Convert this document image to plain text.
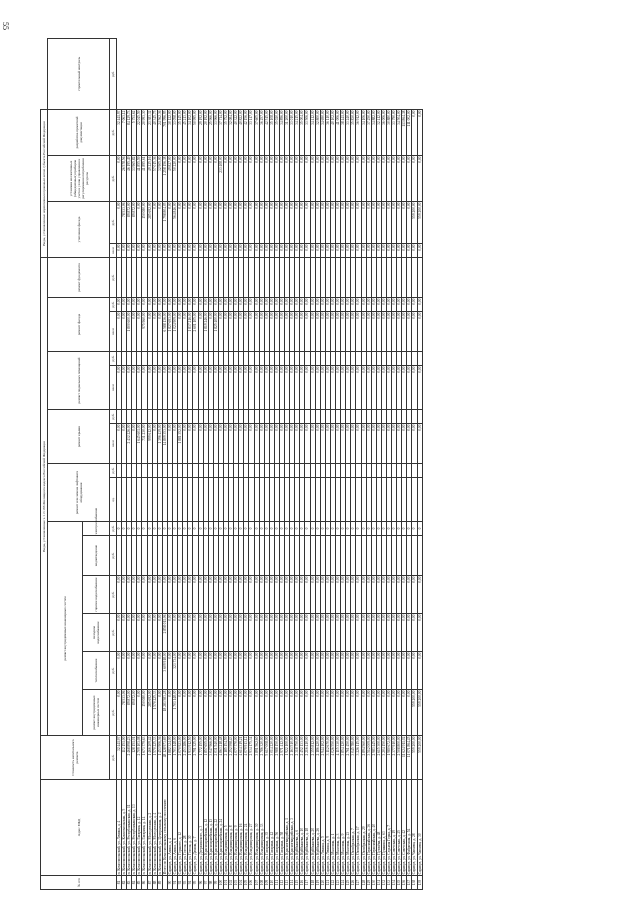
55
№ п/п	Адрес МКД	Стоимость капитального ремонта	Виды, установленные ч.1 ст.166 Жилищного кодекса Российской Федерации															Виды, установленные нормативным правовым актом субъекта Российской Федерации				
			ремонт внутридомовых инженерных систем						ремонт или замена лифтового оборудования		ремонт крыши		ремонт подвальных помещений		ремонт фасада		ремонт фундамента	утепление фасада		установка коллективных (общедомовых) приборов учета и узлов управления и регулирования потребления ресурсов	разработка проектной документации	строительный контроль
			ремонт внутридомовых инженерных систем	теплоснабжение	холодное водоснабжение	горячее водоснабжение	водоотведение	электроснабжение														
		руб.	руб.	руб.	руб.	руб.	руб.	руб.	ед.	руб.	кв.м	руб.	кв.м	руб.	кв.м	руб.	руб.	кв.м	руб.	руб.	руб.	руб.
81	п. Комсомольский, ул. Ленина, д. 4	32 441,97	0,00	0,00	0,00	0,00		0			0,00		0,00		0,00	0,00		0,00	0,00	0,00	32 441,97	
82	п. Комсомольский, ул. Комсомольская, д. 5	112 151,00	78 533,06	0,00	0,00	0,00		0			0,00		0,00		0,00	0,00		0,00	78 533,06	26 578,56	7 063,12	
83	п. Комсомольский, ул. Республиканская, д. 11	2 468 898,23	89 872,00	0,00	0,00	0,00		0			2 432 226,00		0,00		1 800 600,00	0,00		0,00	89 872,00	46 195,49	84 129,73	
84	п. Комсомольский, ул. Республиканская, д. 13	128 151,01	89 872,00	0,00	0,00	0,00		0			0,00		0,00		0,00	0,00		0,00	89 872,00	33 965,82	5 751,62	
85	п. Комсомольский, ул. Гагарина, д. 12	2 709 103,08	0,00	0,00	0,00	0,00		0			1 645 601,00		0,00		0,00	0,00		0,00	0,00	41 855,59	22 045,59	
86	п. Комсомольский, ул. Гагарина, д. 14	1 673 779,63	150 080,00	0,00	0,00	0,00		0			731 230,00		0,00		975 960,00	0,00		0,00	150 080,00	41 895,61	20 993,30	
87	п. Комсомольский, ул. Молодежная, д. 2	1 466 209,42	285 692,00	0,00	0,00	0,00		0			999 612,00		0,00		0,00	0,00		0,00	285 692,00	49 225,16	23 383,32	
88	п. Комсомольский, ул. Молодежная, д. 4	1 570 225,33	1 570 225,33	0,00	0,00	0,00		0			0,00		0,00		0,00	0,00		0,00	0,00	57 015,36	40 345,75	
89	п. Комсомольский, ул. Центральная, д. 2	1 453 906,36	0,00	0,00	0,00	0,00		0			1 396 439,00		0,00		0,00	0,00		0,00	0,00	32 905,00	24 562,36	
	Итого по Комсомольскому сельскому поселению	48 128 973,69	18 283 583,28	3 609 918,00	2 858 011,06	0,00		0			14 809 353,00		0,00		6 588 136,00	0,00		0,00	1 798 804,05	1 258 156,38	701 996,95	
90	Сарапул, ул. Азина, д. 4	1 882 324,00	0,00	0,00	0,00	0,00		0			0,00		0,00		1 827 693,00	0,00		0,00	0,00	49 827,00	30 122,00	
91	Сарапул, ул. Азина, д. 6	1 703 148,00	1 703 148,00	323 734,00	0,00	0,00		0			0,00		0,00		1 024 909,00	0,00		0,00	564 846,00	50 220,00	33 058,00	
92	Сарапул, ул. Горького, д. 12	2 070 923,00	0,00	0,00	0,00	0,00		0			1 881 352,00		0,00		0,00	0,00		0,00	0,00	0,00	35 145,00	
93	Сарапул, ул. Гоголя, д. 28	2 453 286,00	0,00	0,00	0,00	0,00		0			0,00		0,00		0,00	0,00		0,00	0,00	0,00	45 213,00	
94	Сарапул, ул. Гоголя, д. 30	1 933 912,50	0,00	0,00	0,00	0,00		0			0,00		0,00		1 837 216,00	0,00		0,00	0,00	0,00	34 102,00	
95	Сарапул, ул. Дачная, д. 7	2 791 325,00	0,00	0,00	0,00	0,00		0			0,00		0,00		2 601 105,00	0,00		0,00	0,00	0,00	50 995,00	
96	Сарапул, ул. Дзержинского, д. 3	1 772 155,00	0,00	0,00	0,00	0,00		0			0,00		0,00		0,00	0,00		0,00	0,00	0,00	29 192,00	
97	Сарапул, ул. Красноармейская, д. 12	1 857 655,00	0,00	0,00	0,00	0,00		0			0,00		0,00		1 819 246,00	0,00		0,00	0,00	0,00	20 192,00	
98	Сарапул, ул. Красноармейская, д. 13	3 047 966,00	0,00	0,00	0,00	0,00		0			0,00		0,00		0,00	0,00		0,00	0,00	0,00	25 966,00	
99	Сарапул, ул. Красноармейская, д. 22	2 031 540,00	0,00	0,00	0,00	0,00		0			0,00		0,00		1 825 400,00	0,00		0,00	0,00	0,00	33 966,00	
100	Сарапул, ул. Красноармейская, д. 24	4 863 218,48	0,00	0,00	0,00	0,00		0			0,00		0,00		0,00	0,00		0,00	0,00	233 408,00	37 714,00	
101	Сарапул, ул. Владимирская, д. 5	2 185 154,59	0,00	0,00	0,00	0,00		0			0,00		0,00		0,00	0,00		0,00	0,00	0,00	35 752,00	
102	Сарапул, ул. Владимирская, д. 8	2 252 598,43	0,00	0,00	0,00	0,00		0			0,00		0,00		0,00	0,00		0,00	0,00	0,00	32 084,00	
103	Сарапул, ул. Владимирская, д. 9	4 077 770,00	0,00	0,00	0,00	0,00		0			0,00		0,00		0,00	0,00		0,00	0,00	0,00	40 322,00	
104	Сарапул, ул. Владимирская, д. 16	4 614 319,21	0,00	0,00	0,00	0,00		0			0,00		0,00		0,00	0,00		0,00	0,00	0,00	40 822,00	
105	Сарапул, ул. Владимирская, д. 24	4 079 913,12	0,00	0,00	0,00	0,00		0			0,00		0,00		0,00	0,00		0,00	0,00	0,00	42 156,00	
106	Сарапул, ул. Владимирская, д. 27	2 934 175,34	0,00	0,00	0,00	0,00		0			0,00		0,00		0,00	0,00		0,00	0,00	0,00	33 117,00	
107	Сарапул, ул. Владимирская, д. 30	3 891 562,60	0,00	0,00	0,00	0,00		0			0,00		0,00		0,00	0,00		0,00	0,00	0,00	37 605,00	
108	Сарапул, ул. Владимирская, д. 33	2 786 320,00	0,00	0,00	0,00	0,00		0			0,00		0,00		0,00	0,00		0,00	0,00	0,00	36 257,00	
109	Сарапул, ул. Гагарина, д. 35	5 617 008,00	0,00	0,00	0,00	0,00		0			0,00		0,00		0,00	0,00		0,00	0,00	0,00	42 515,00	
110	Сарапул, ул. Гагарина, д. 42	3 014 220,00	0,00	0,00	0,00	0,00		0			0,00		0,00		0,00	0,00		0,00	0,00	0,00	35 108,00	
111	Сарапул, ул. Гагарина, д. 56	2 988 150,00	0,00	0,00	0,00	0,00		0			0,00		0,00		0,00	0,00		0,00	0,00	0,00	35 020,00	
112	Сарапул, ул. Гагарина, д. 58	2 971 412,00	0,00	0,00	0,00	0,00		0			0,00		0,00		0,00	0,00		0,00	0,00	0,00	34 896,00	
113	Сарапул, ул. Красногвардейская, д. 1	1 922 100,00	0,00	0,00	0,00	0,00		0			0,00		0,00		0,00	0,00		0,00	0,00	0,00	31 200,00	
114	Сарапул, ул. Красногвардейская, д. 3	2 163 510,00	0,00	0,00	0,00	0,00		0			0,00		0,00		0,00	0,00		0,00	0,00	0,00	33 010,00	
115	Сарапул, ул. Куйбышева, д. 6	2 318 750,00	0,00	0,00	0,00	0,00		0			0,00		0,00		0,00	0,00		0,00	0,00	0,00	34 215,00	
116	Сарапул, ул. Куйбышева, д. 10	2 452 133,00	0,00	0,00	0,00	0,00		0			0,00		0,00		0,00	0,00		0,00	0,00	0,00	35 004,00	
117	Сарапул, ул. Куйбышева, д. 18	2 216 410,00	0,00	0,00	0,00	0,00		0			0,00		0,00		0,00	0,00		0,00	0,00	0,00	33 506,00	
118	Сарапул, ул. Куйбышева, д. 20	2 355 812,00	0,00	0,00	0,00	0,00		0			0,00		0,00		0,00	0,00		0,00	0,00	0,00	34 412,00	
119	Сарапул, ул. Куйбышева, д. 26	2 186 420,00	0,00	0,00	0,00	0,00		0			0,00		0,00		0,00	0,00		0,00	0,00	0,00	32 800,00	
120	Сарапул, ул. Ленина, д. 5	2 944 102,00	0,00	0,00	0,00	0,00		0			0,00		0,00		0,00	0,00		0,00	0,00	0,00	34 690,00	
121	Сарапул, ул. Ленина, д. 9	3 112 670,00	0,00	0,00	0,00	0,00		0			0,00		0,00		0,00	0,00		0,00	0,00	0,00	36 110,00	
122	Сарапул, ул. Мысовая, д. 1	4 026 550,00	0,00	0,00	0,00	0,00		0			0,00		0,00		0,00	0,00		0,00	0,00	0,00	40 102,00	
123	Сарапул, ул. Мысовая, д. 3	4 115 330,00	0,00	0,00	0,00	0,00		0			0,00		0,00		0,00	0,00		0,00	0,00	0,00	41 006,00	
124	Сарапул, ул. Мысовая, д. 9	3 854 120,00	0,00	0,00	0,00	0,00		0			0,00		0,00		0,00	0,00		0,00	0,00	0,00	38 441,00	
125	Сарапул, ул. Мысовая, д. 23	2 761 450,00	0,00	0,00	0,00	0,00		0			0,00		0,00		0,00	0,00		0,00	0,00	0,00	33 240,00	
126	Сарапул, ул. Октябрьская, д. 7	3 045 780,00	0,00	0,00	0,00	0,00		0			0,00		0,00		0,00	0,00		0,00	0,00	0,00	35 830,00	
127	Сарапул, ул. Октябрьская, д. 17	3 226 115,00	0,00	0,00	0,00	0,00		0			0,00		0,00		0,00	0,00		0,00	0,00	0,00	36 912,00	
128	Сарапул, ул. Октябрьская, д. 29	2 894 560,00	0,00	0,00	0,00	0,00		0			0,00		0,00		0,00	0,00		0,00	0,00	0,00	34 106,00	
129	Сарапул, ул. Первомайская, д. 36	3 512 009,00	0,00	0,00	0,00	0,00		0			0,00		0,00		0,00	0,00		0,00	0,00	0,00	37 250,00	
130	Сарапул, ул. Первомайская, д. 40	2 983 445,00	0,00	0,00	0,00	0,00		0			0,00		0,00		0,00	0,00		0,00	0,00	0,00	34 882,00	
131	Сарапул, ул. Пугачёва, д. 48	2 615 300,00	0,00	0,00	0,00	0,00		0			0,00		0,00		0,00	0,00		0,00	0,00	0,00	32 412,00	
132	Сарапул, ул. Пушкина, д. 63	3 204 150,00	0,00	0,00	0,00	0,00		0			0,00		0,00		0,00	0,00		0,00	0,00	0,00	36 006,00	
133	Сарапул, ул. Седьмая Горка, д. 7	1 980 672,00	0,00	0,00	0,00	0,00		0			0,00		0,00		0,00	0,00		0,00	0,00	0,00	30 880,00	
134	Сарапул, ул. Советская, д. 19	2 377 910,00	0,00	0,00	0,00	0,00		0			0,00		0,00		0,00	0,00		0,00	0,00	0,00	33 790,00	
135	Сарапул, ул. Советская, д. 25	2 508 800,00	0,00	0,00	0,00	0,00		0			0,00		0,00		0,00	0,00		0,00	0,00	0,00	34 504,00	
136	Сарапул, ул. Советская, д. 42	11 624 911,02	0,00	0,00	0,00	0,00		0			0,00		0,00		0,00	0,00		0,00	0,00	0,00	113 864,38	
137	Сарапул, ул. Фабричная, д. 54	11 071 864,45	0,00	0,00	0,00	0,00		0			0,00		0,00		0,00	0,00		0,00	0,00	0,00	111 002,00	
138	Сарапул, ул. Чапаева, д. 28	559 200,00	559 200,00	0,00	0,00	0,00		0			0,00		0,00		0,00	0,00		0,00	559 200,00	0,00	0,00	
139	Сарапул, ул. Чапаева, д. 30	559 200,00	559 200,00	0,00	0,00	0,00		0			0,00		0,00		0,00	0,00		0,00	559 200,00	0,00	0,00	
